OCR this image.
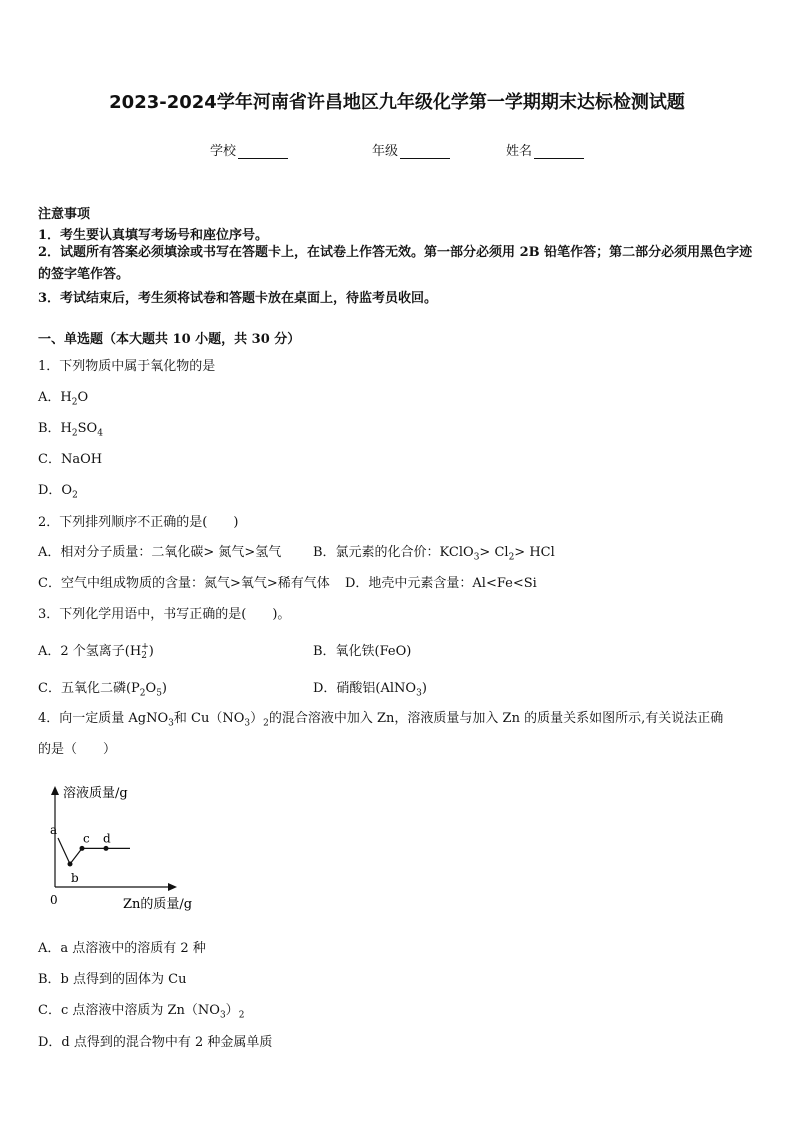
2023-2024学年河南省许昌地区九年级化学第一学期期末达标检测试题
学校	年级	姓名
注意事项
1．考生要认真填写考场号和座位序号。
2．试题所有答案必须填涂或书写在答题卡上，在试卷上作答无效。第一部分必须用 2B 铅笔作答；第二部分必须用黑色字迹的签字笔作答。
3．考试结束后，考生须将试卷和答题卡放在桌面上，待监考员收回。
一、单选题（本大题共 10 小题，共 30 分）
1．下列物质中属于氧化物的是
A．$H_2O$
B．$H_2SO_4$
C．NaOH
D．$O_2$
2．下列排列顺序不正确的是(　　)
A．相对分子质量：二氧化碳> 氮气>氢气 B．氯元素的化合价：KClO$_3$> $Cl_2>$ HCl
C．空气中组成物质的含量：氮气>氧气>稀有气体 D．地壳中元素含量：Al<Fe<Si
3．下列化学用语中，书写正确的是(　　)。
A．2 个氢离子(H +
2 )	B．氧化铁(FeO)
C．五氧化二磷$(P_2O_5)$	D．硝酸铝(AlNO$_3$)
4．向一定质量 AgNO$_3$和 $Cu(NO_3)_2$的混合溶液中加入 Zn，溶液质量与加入 Zn 的质量关系如图所示,有关说法正确
的是（　　）
溶液质量/g
Zn的质量/g
0
a
b
c d
A．a 点溶液中的溶质有 2 种
B．b 点得到的固体为 Cu
C．c 点溶液中溶质为 $Zn(NO_3)_2$
D．d 点得到的混合物中有 2 种金属单质
